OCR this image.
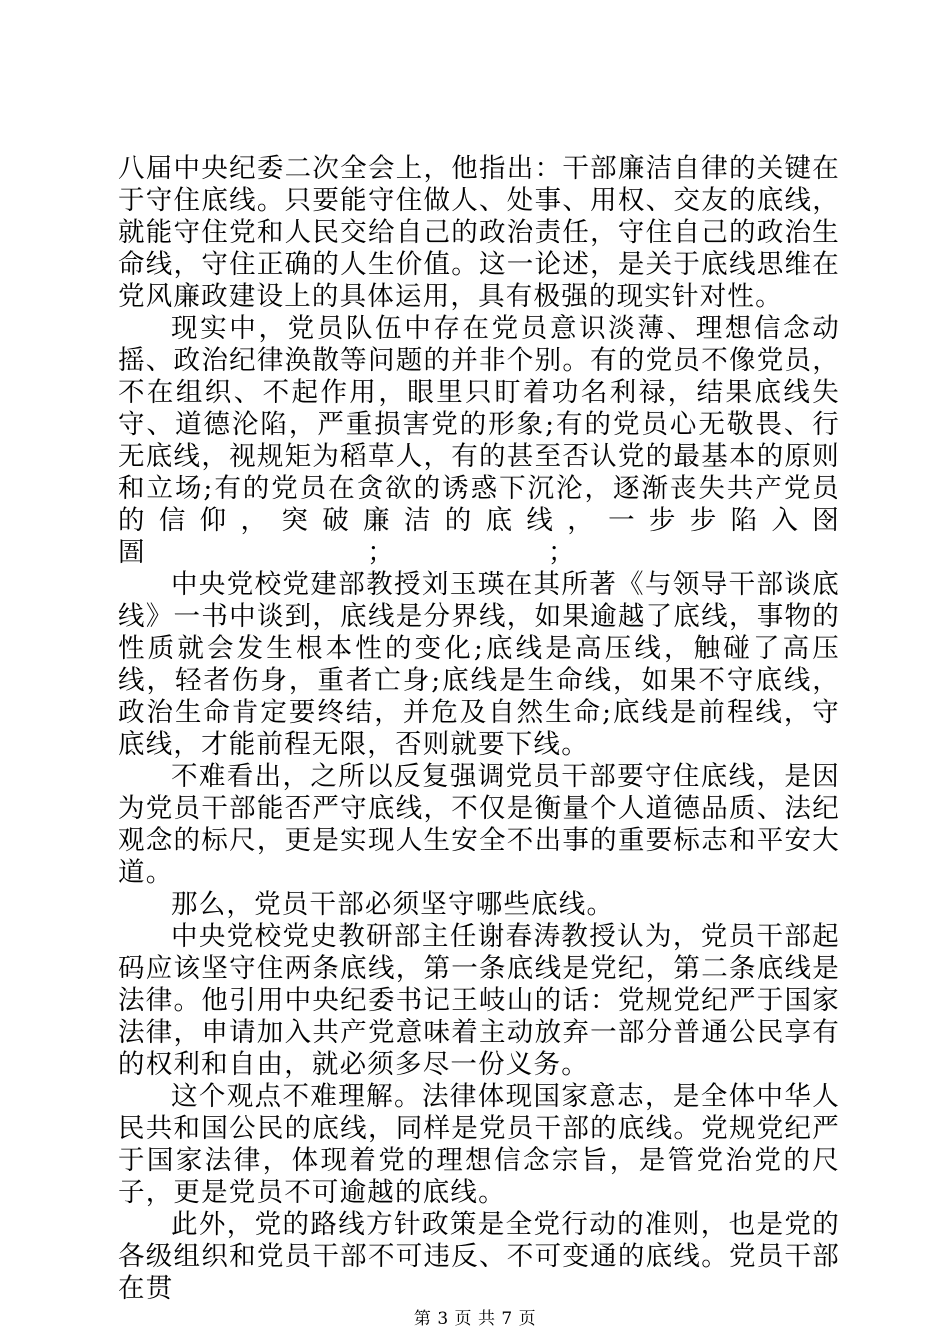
八届中央纪委二次全会上，他指出：干部廉洁自律的关键在于守住底线。只要能守住做人、处事、用权、交友的底线，就能守住党和人民交给自己的政治责任，守住自己的政治生命线，守住正确的人生价值。这一论述，是关于底线思维在党风廉政建设上的具体运用，具有极强的现实针对性。

现实中，党员队伍中存在党员意识淡薄、理想信念动摇、政治纪律涣散等问题的并非个别。有的党员不像党员，不在组织、不起作用，眼里只盯着功名利禄，结果底线失守、道德沦陷，严重损害党的形象;有的党员心无敬畏、行无底线，视规矩为稻草人，有的甚至否认党的最基本的原则和立场;有的党员在贪欲的诱惑下沉沦，逐渐丧失共产党员的信仰，突破廉洁的底线，一步步陷入囹圄　　　　　　　　；　　　　　　；

中央党校党建部教授刘玉瑛在其所著《与领导干部谈底线》一书中谈到，底线是分界线，如果逾越了底线，事物的性质就会发生根本性的变化;底线是高压线，触碰了高压线，轻者伤身，重者亡身;底线是生命线，如果不守底线，政治生命肯定要终结，并危及自然生命;底线是前程线，守底线，才能前程无限，否则就要下线。

不难看出，之所以反复强调党员干部要守住底线，是因为党员干部能否严守底线，不仅是衡量个人道德品质、法纪观念的标尺，更是实现人生安全不出事的重要标志和平安大道。

那么，党员干部必须坚守哪些底线。

中央党校党史教研部主任谢春涛教授认为，党员干部起码应该坚守住两条底线，第一条底线是党纪，第二条底线是法律。他引用中央纪委书记王岐山的话：党规党纪严于国家法律，申请加入共产党意味着主动放弃一部分普通公民享有的权利和自由，就必须多尽一份义务。

这个观点不难理解。法律体现国家意志，是全体中华人民共和国公民的底线，同样是党员干部的底线。党规党纪严于国家法律，体现着党的理想信念宗旨，是管党治党的尺子，更是党员不可逾越的底线。

此外，党的路线方针政策是全党行动的准则，也是党的各级组织和党员干部不可违反、不可变通的底线。党员干部在贯

第 3 页 共 7 页
